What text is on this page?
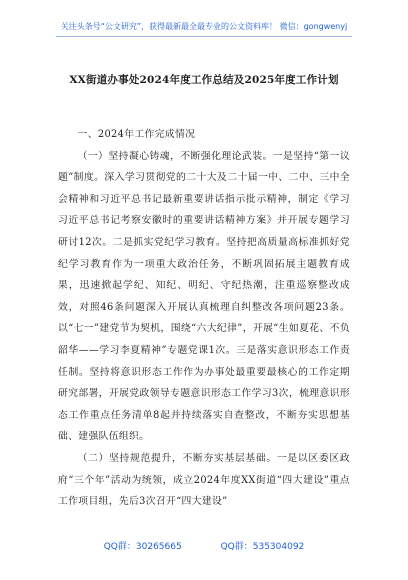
关注头条号“公文研究”，获得最新最全最专业的公文资料库！ 微信：gongwenyj
XX街道办事处2024年度工作总结及2025年度工作计划

一、2024年工作完成情况

（一）坚持凝心铸魂，不断强化理论武装。一是坚持“第一议题”制度。深入学习贯彻党的二十大及二十届一中、二中、三中全会精神和习近平总书记最新重要讲话指示批示精神，制定《学习习近平总书记考察安徽时的重要讲话精神方案》并开展专题学习研讨12次。二是抓实党纪学习教育。坚持把高质量高标准抓好党纪学习教育作为一项重大政治任务，不断巩固拓展主题教育成果，迅速掀起学纪、知纪、明纪、守纪热潮，注重巡察整改成效，对照46条问题深入开展认真梳理自纠整改各项问题23条。以“七一”建党节为契机，围绕“六大纪律”，开展“生如夏花、不负韶华——学习李夏精神”专题党课1次。三是落实意识形态工作责任制。坚持将意识形态工作作为办事处最重要最核心的工作定期研究部署，开展党政领导专题意识形态工作学习3次，梳理意识形态工作重点任务清单8起并持续落实自查整改，不断夯实思想基础、建强队伍组织。

（二）坚持规范提升，不断夯实基层基础。一是以区委区政府“三个年”活动为统领，成立2024年度XX街道“四大建设”重点工作项目组，先后3次召开“四大建设”

QQ群：30265665	QQ群：535304092
